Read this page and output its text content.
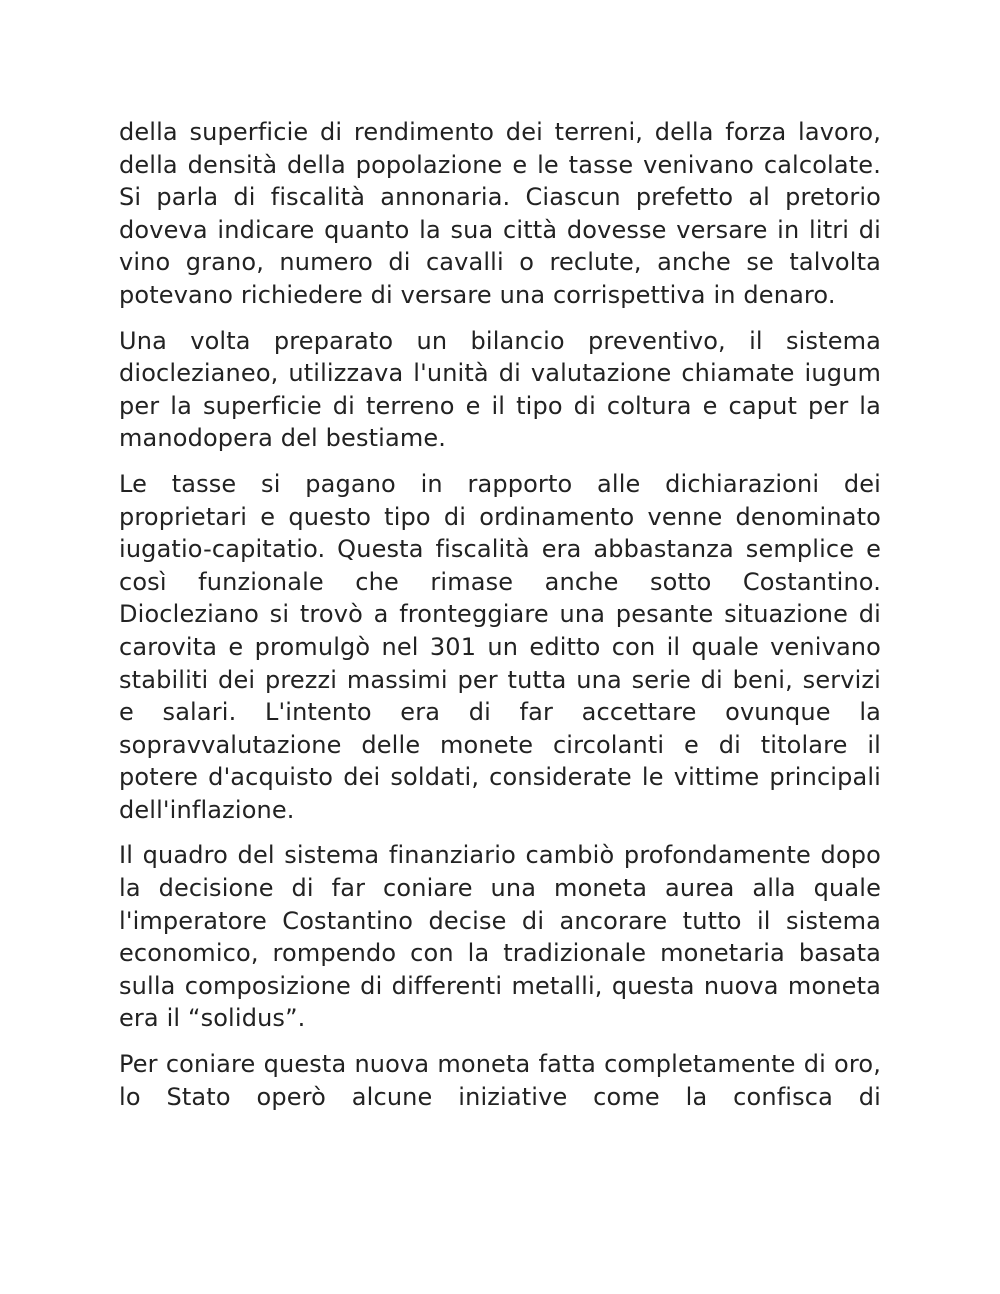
della superficie di rendimento dei terreni, della forza lavoro, della densità della popolazione e le tasse venivano calcolate. Si parla di fiscalità annonaria. Ciascun prefetto al pretorio doveva indicare quanto la sua città dovesse versare in litri di vino grano, numero di cavalli o reclute, anche se talvolta potevano richiedere di versare una corrispettiva in denaro.

Una volta preparato un bilancio preventivo, il sistema dioclezianeo, utilizzava l'unità di valutazione chiamate iugum per la superficie di terreno e il tipo di coltura e caput per la manodopera del bestiame.

Le tasse si pagano in rapporto alle dichiarazioni dei proprietari e questo tipo di ordinamento venne denominato iugatio-capitatio. Questa fiscalità era abbastanza semplice e così funzionale che rimase anche sotto Costantino. Diocleziano si trovò a fronteggiare una pesante situazione di carovita e promulgò nel 301 un editto con il quale venivano stabiliti dei prezzi massimi per tutta una serie di beni, servizi e salari. L'intento era di far accettare ovunque la sopravvalutazione delle monete circolanti e di titolare il potere d'acquisto dei soldati, considerate le vittime principali dell'inflazione.

Il quadro del sistema finanziario cambiò profondamente dopo la decisione di far coniare una moneta aurea alla quale l'imperatore Costantino decise di ancorare tutto il sistema economico, rompendo con la tradizionale monetaria basata sulla composizione di differenti metalli, questa nuova moneta era il “solidus”.

Per coniare questa nuova moneta fatta completamente di oro, lo Stato operò alcune iniziative come la confisca di
